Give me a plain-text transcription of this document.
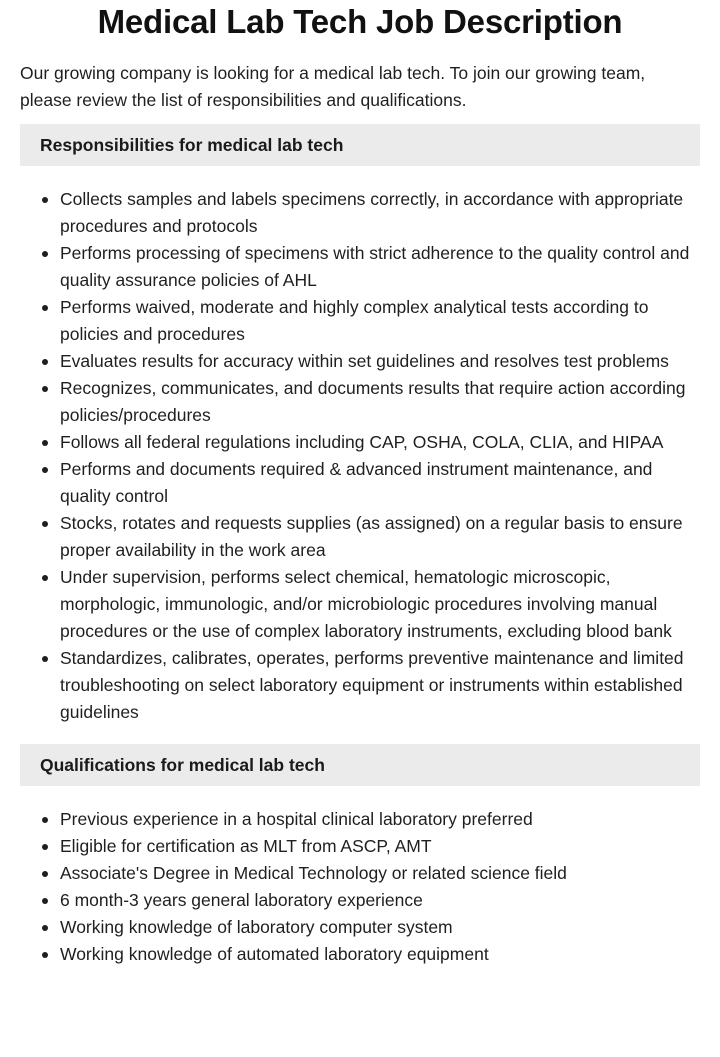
Medical Lab Tech Job Description

Our growing company is looking for a medical lab tech. To join our growing team, please review the list of responsibilities and qualifications.

Responsibilities for medical lab tech
Collects samples and labels specimens correctly, in accordance with appropriate procedures and protocols
Performs processing of specimens with strict adherence to the quality control and quality assurance policies of AHL
Performs waived, moderate and highly complex analytical tests according to policies and procedures
Evaluates results for accuracy within set guidelines and resolves test problems
Recognizes, communicates, and documents results that require action according policies/procedures
Follows all federal regulations including CAP, OSHA, COLA, CLIA, and HIPAA
Performs and documents required & advanced instrument maintenance, and quality control
Stocks, rotates and requests supplies (as assigned) on a regular basis to ensure proper availability in the work area
Under supervision, performs select chemical, hematologic microscopic, morphologic, immunologic, and/or microbiologic procedures involving manual procedures or the use of complex laboratory instruments, excluding blood bank
Standardizes, calibrates, operates, performs preventive maintenance and limited troubleshooting on select laboratory equipment or instruments within established guidelines
Qualifications for medical lab tech
Previous experience in a hospital clinical laboratory preferred
Eligible for certification as MLT from ASCP, AMT
Associate's Degree in Medical Technology or related science field
6 month-3 years general laboratory experience
Working knowledge of laboratory computer system
Working knowledge of automated laboratory equipment
